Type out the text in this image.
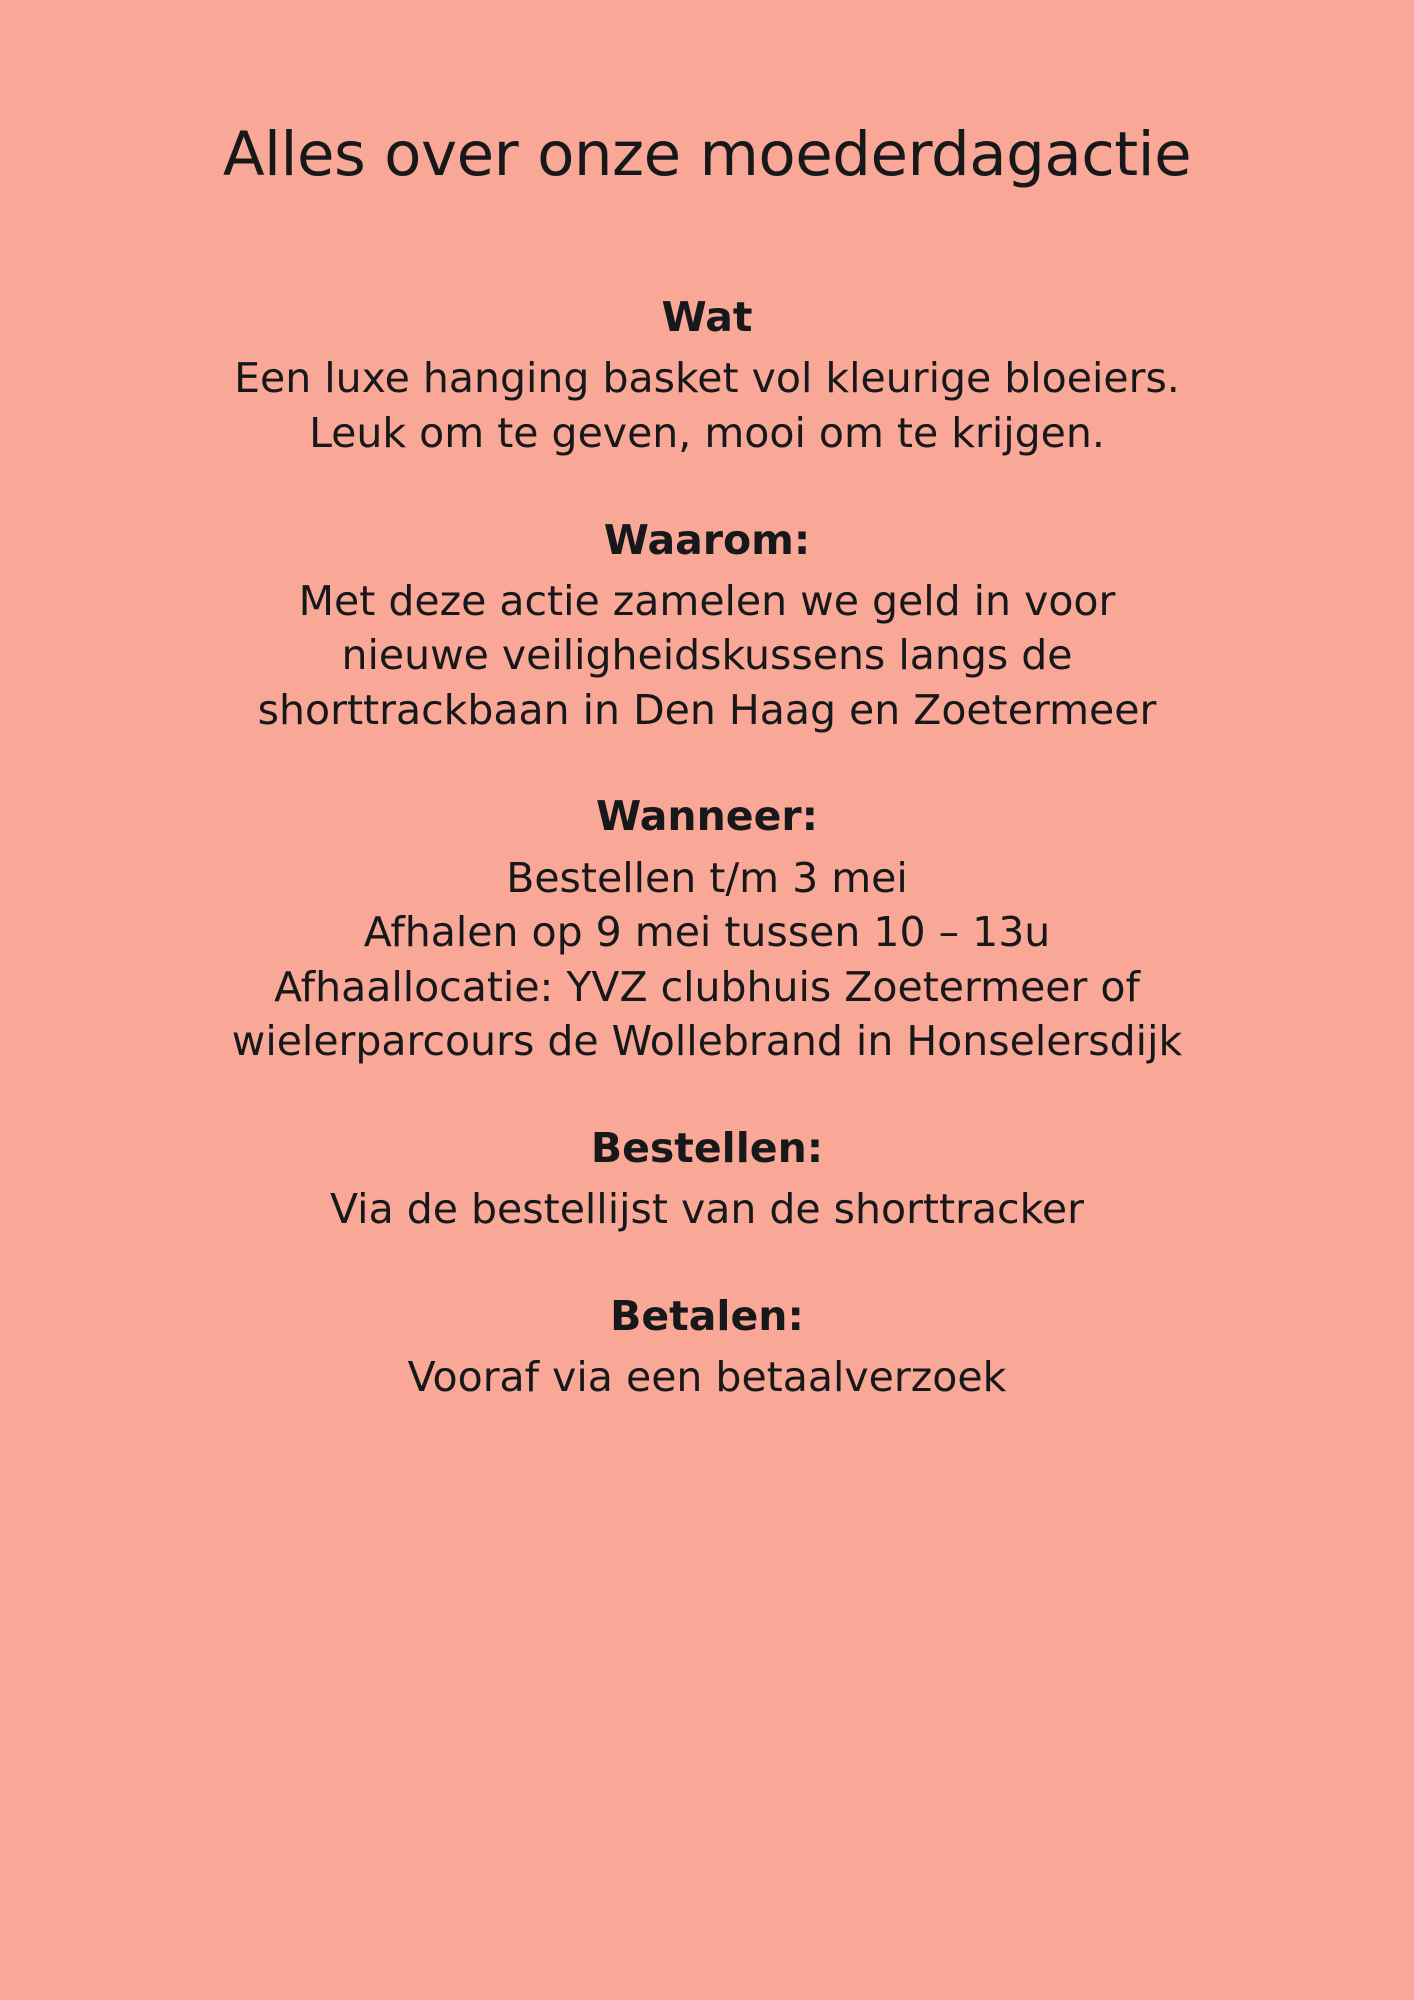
Alles over onze moederdagactie
Wat

Een luxe hanging basket vol kleurige bloeiers.

Leuk om te geven, mooi om te krijgen.

Waarom:

Met deze actie zamelen we geld in voor

nieuwe veiligheidskussens langs de

shorttrackbaan in Den Haag en Zoetermeer

Wanneer:

Bestellen t/m 3 mei

Afhalen op 9 mei tussen 10 – 13u

Afhaallocatie: YVZ clubhuis Zoetermeer of

wielerparcours de Wollebrand in Honselersdijk

Bestellen:

Via de bestellijst van de shorttracker

Betalen:

Vooraf via een betaalverzoek
